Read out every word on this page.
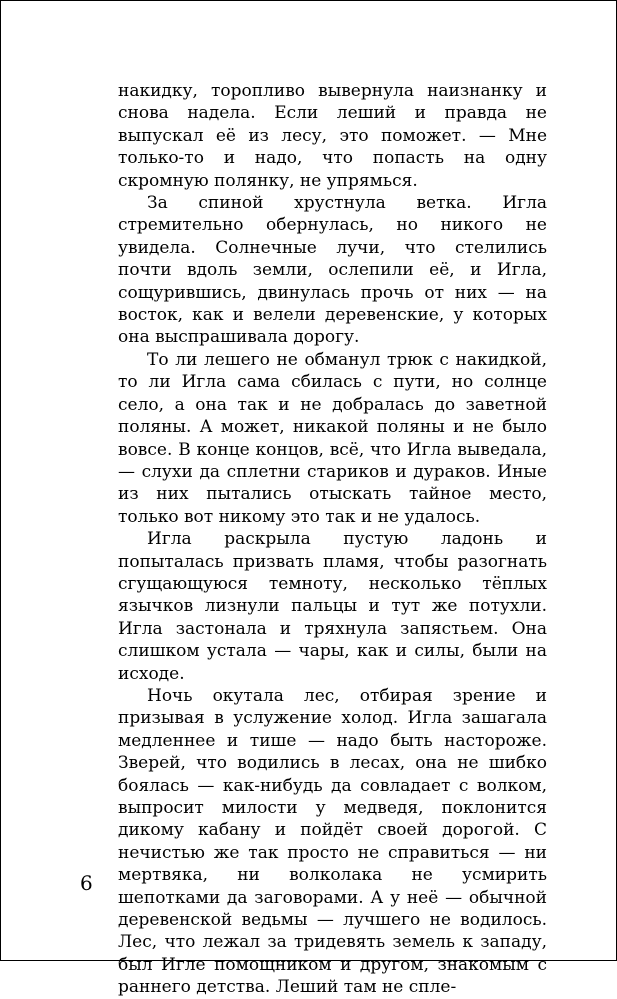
накидку, торопливо вывернула наизнанку и снова надела. Если леший и правда не выпускал её из лесу, это поможет. — Мне только-то и надо, что попасть на одну скромную полянку, не упрямься.

За спиной хрустнула ветка. Игла стремительно обернулась, но никого не увидела. Солнечные лучи, что стелились почти вдоль земли, ослепили её, и Игла, сощурившись, двинулась прочь от них — на восток, как и велели деревенские, у которых она выспрашивала дорогу.

То ли лешего не обманул трюк с накидкой, то ли Игла сама сбилась с пути, но солнце село, а она так и не добралась до заветной поляны. А может, никакой поляны и не было вовсе. В конце концов, всё, что Игла выведала, — слухи да сплетни стариков и дураков. Иные из них пытались отыскать тайное место, только вот никому это так и не удалось.

Игла раскрыла пустую ладонь и попыталась призвать пламя, чтобы разогнать сгущающуюся темноту, несколько тёплых язычков лизнули пальцы и тут же потухли. Игла застонала и тряхнула запястьем. Она слишком устала — чары, как и силы, были на исходе.

Ночь окутала лес, отбирая зрение и призывая в услужение холод. Игла зашагала медленнее и тише — надо быть настороже. Зверей, что водились в лесах, она не шибко боялась — как-нибудь да совладает с волком, выпросит милости у медведя, поклонится дикому кабану и пойдёт своей дорогой. С нечистью же так просто не справиться — ни мертвяка, ни волколака не усмирить шепотками да заговорами. А у неё — обычной деревенской ведьмы — лучшего не водилось. Лес, что лежал за тридевять земель к западу, был Игле помощником и другом, знакомым с раннего детства. Леший там не спле-

6
